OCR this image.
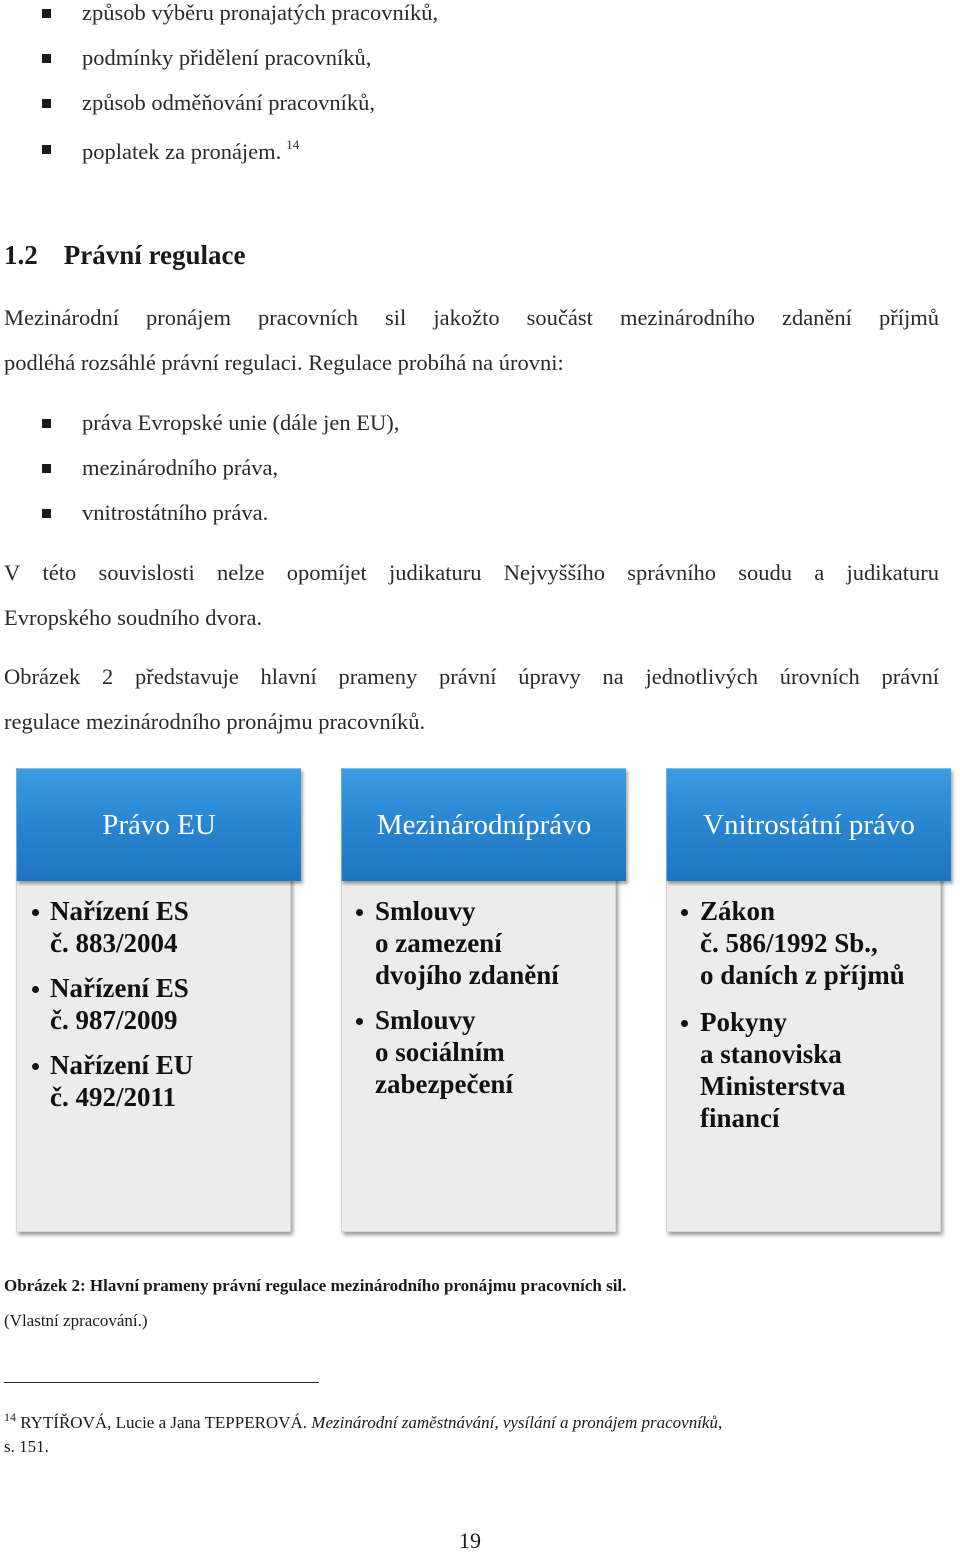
způsob výběru pronajatých pracovníků,
podmínky přidělení pracovníků,
způsob odměňování pracovníků,
poplatek za pronájem. $^{14}$
1.2 Právní regulace
Mezinárodní pronájem pracovních sil jakožto součást mezinárodního zdanění příjmů
podléhá rozsáhlé právní regulaci. Regulace probíhá na úrovni:
práva Evropské unie (dále jen EU),
mezinárodního práva,
vnitrostátního práva.
V této souvislosti nelze opomíjet judikaturu Nejvyššího správního soudu a judikaturu
Evropského soudního dvora.
Obrázek 2 představuje hlavní prameny právní úpravy na jednotlivých úrovních právní
regulace mezinárodního pronájmu pracovníků.
Právo EU
Nařízení ES
č. 883/2004
Nařízení ES
č. 987/2009
Nařízení EU
č. 492/2011
Mezinárodníprávo
Smlouvy
o zamezení
dvojího zdanění
Smlouvy
o sociálním
zabezpečení
Vnitrostátní právo
Zákon
č. 586/1992 Sb.,
o daních z příjmů
Pokyny
a stanoviska
Ministerstva
financí
Obrázek 2: Hlavní prameny právní regulace mezinárodního pronájmu pracovních sil.
(Vlastní zpracování.)
$^{14}$ RYTÍŘOVÁ, Lucie a Jana TEPPEROVÁ. Mezinárodní zaměstnávání, vysílání a pronájem pracovníků,
s. 151.
19
